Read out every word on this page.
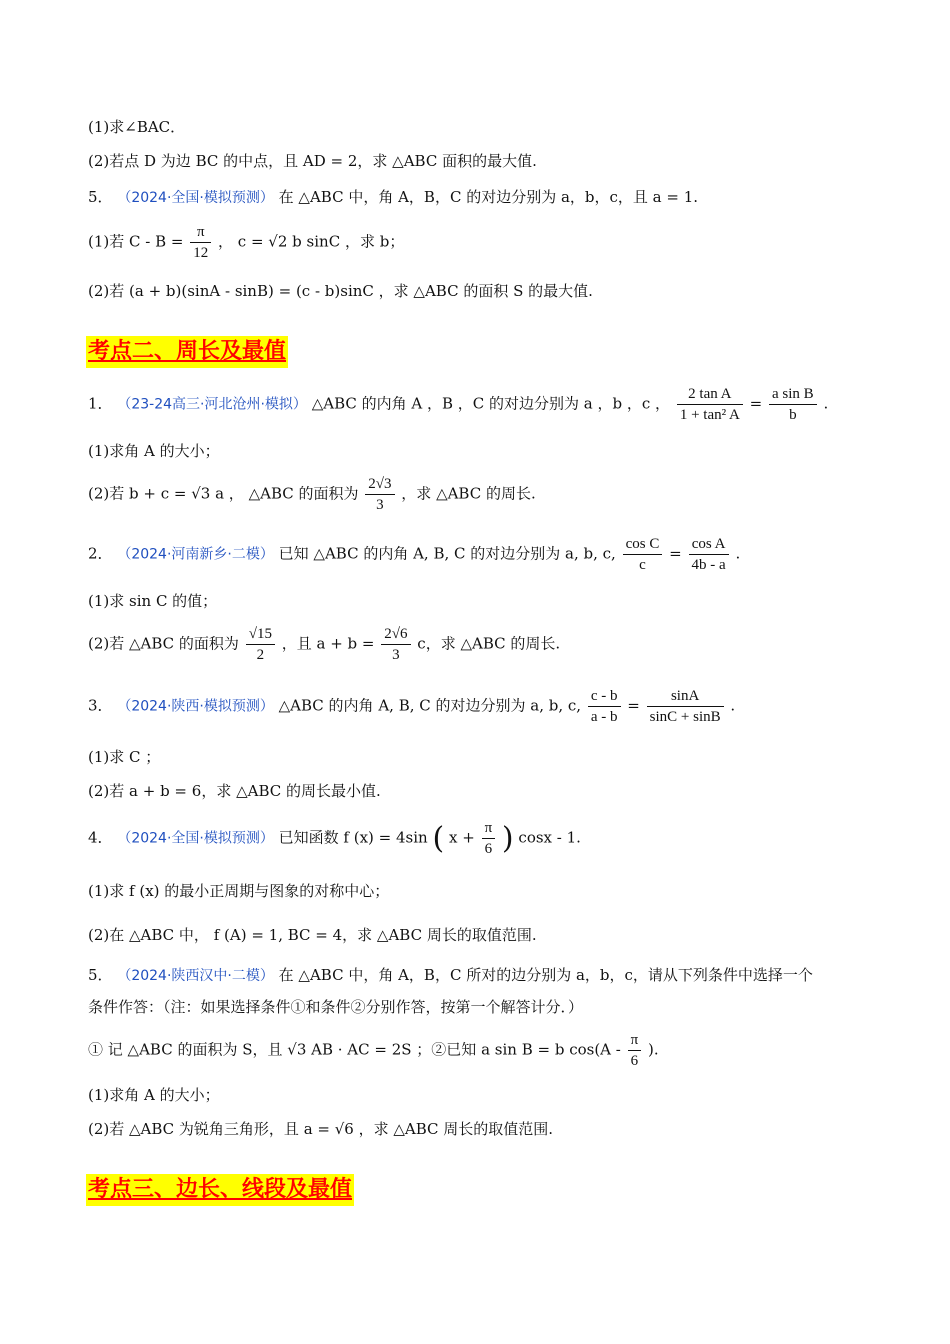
(1)求∠BAC．
(2)若点 D 为边 BC 的中点，且 AD = 2，求 △ABC 面积的最大值.
5． （2024·全国·模拟预测） 在 △ABC 中，角 A，B，C 的对边分别为 a，b，c，且 a = 1.
(1)若 $C - B = \frac{\pi}{12}$ ， c = √2 b sinC ，求 b；
(2)若 (a + b)(sinA - sinB) = (c - b)sinC ，求 △ABC 的面积 S 的最大值.
考点二、周长及最值
1． （23-24高三·河北沧州·模拟） △ABC 的内角 A ，B ，C 的对边分别为 a ，b ，c ， $\frac{\text{2 tan A}}{\text{1 + tan² A}} = \frac{\text{a sin B}}{b}$ .
(1)求角 A 的大小；
(2)若 b + c = √3 a ， △ABC 的面积为 $\frac{2√3}{3}$ ，求 △ABC 的周长.
2． （2024·河南新乡·二模） 已知 △ABC 的内角 A, B, C 的对边分别为 a, b, c, $\frac{\text{cos C}}{c} = \frac{\text{cos A}}{4b - a}$ .
(1)求 sin C 的值；
(2)若 △ABC 的面积为 $\frac{√15}{2}$ ，且 $a + b = \frac{2√6}{3}$ c，求 △ABC 的周长.
3． （2024·陕西·模拟预测） △ABC 的内角 A, B, C 的对边分别为 a, b, c, $\frac{c - b}{a - b} = \frac{\sin A}{\sin C + \sin B}$ .
(1)求 C ；
(2)若 a + b = 6，求 △ABC 的周长最小值.
4． （2024·全国·模拟预测） 已知函数 f (x) = 4sin ( $x + \frac{\pi}{6}$ ) cosx - 1.
(1)求 f (x) 的最小正周期与图象的对称中心；
(2)在 △ABC 中， f (A) = 1, BC = 4，求 △ABC 周长的取值范围.
5． （2024·陕西汉中·二模） 在 △ABC 中，角 A，B，C 所对的边分别为 a，b，c，请从下列条件中选择一个
条件作答：（注：如果选择条件①和条件②分别作答，按第一个解答计分．）
① 记 △ABC 的面积为 S，且 √3 AB · AC = 2S ；②已知 a sin B = b $\cos(A - \frac{\pi}{6}$ ).
(1)求角 A 的大小；
(2)若 △ABC 为锐角三角形，且 a = √6 ，求 △ABC 周长的取值范围.
考点三、边长、线段及最值
